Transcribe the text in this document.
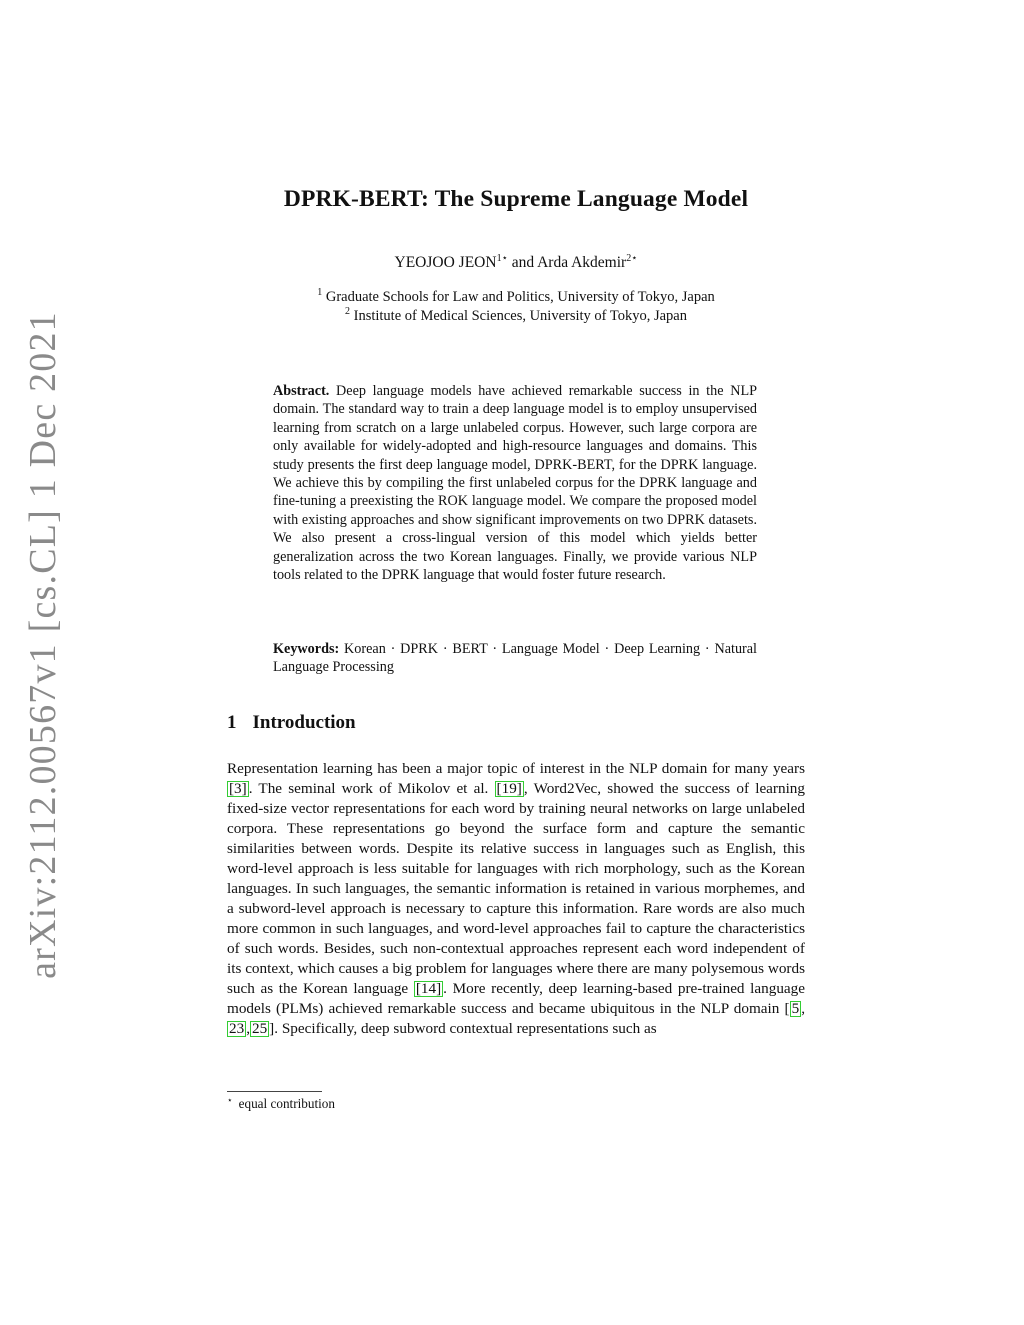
arXiv:2112.00567v1 [cs.CL] 1 Dec 2021
DPRK-BERT: The Supreme Language Model
YEOJOO $JEON^{1⋆}$ and Arda Akdemir$^{2⋆}$
$^1$ Graduate Schools for Law and Politics, University of Tokyo, Japan
$^2$ Institute of Medical Sciences, University of Tokyo, Japan
Abstract. Deep language models have achieved remarkable success in the NLP domain. The standard way to train a deep language model is to employ unsupervised learning from scratch on a large unlabeled corpus. However, such large corpora are only available for widely-adopted and high-resource languages and domains. This study presents the first deep language model, DPRK-BERT, for the DPRK language. We achieve this by compiling the first unlabeled corpus for the DPRK language and fine-tuning a preexisting the ROK language model. We compare the proposed model with existing approaches and show significant improvements on two DPRK datasets. We also present a cross-lingual version of this model which yields better generalization across the two Korean languages. Finally, we provide various NLP tools related to the DPRK language that would foster future research.
Keywords: Korean · DPRK · BERT · Language Model · Deep Learning · Natural Language Processing
1 Introduction
Representation learning has been a major topic of interest in the NLP domain for many years [3] . The seminal work of Mikolov et al. [19] , Word2Vec, showed the success of learning fixed-size vector representations for each word by training neural networks on large unlabeled corpora. These representations go beyond the surface form and capture the semantic similarities between words. Despite its relative success in languages such as English, this word-level approach is less suitable for languages with rich morphology, such as the Korean languages. In such languages, the semantic information is retained in various morphemes, and a subword-level approach is necessary to capture this information. Rare words are also much more common in such languages, and word-level approaches fail to capture the characteristics of such words. Besides, such non-contextual approaches represent each word independent of its context, which causes a big problem for languages where there are many polysemous words such as the Korean language [14] . More recently, deep learning-based pre-trained language models (PLMs) achieved remarkable success and became ubiquitous in the NLP domain [ 5 ,23 , 25 ]. Specifically, deep subword contextual representations such as
⋆ equal contribution
